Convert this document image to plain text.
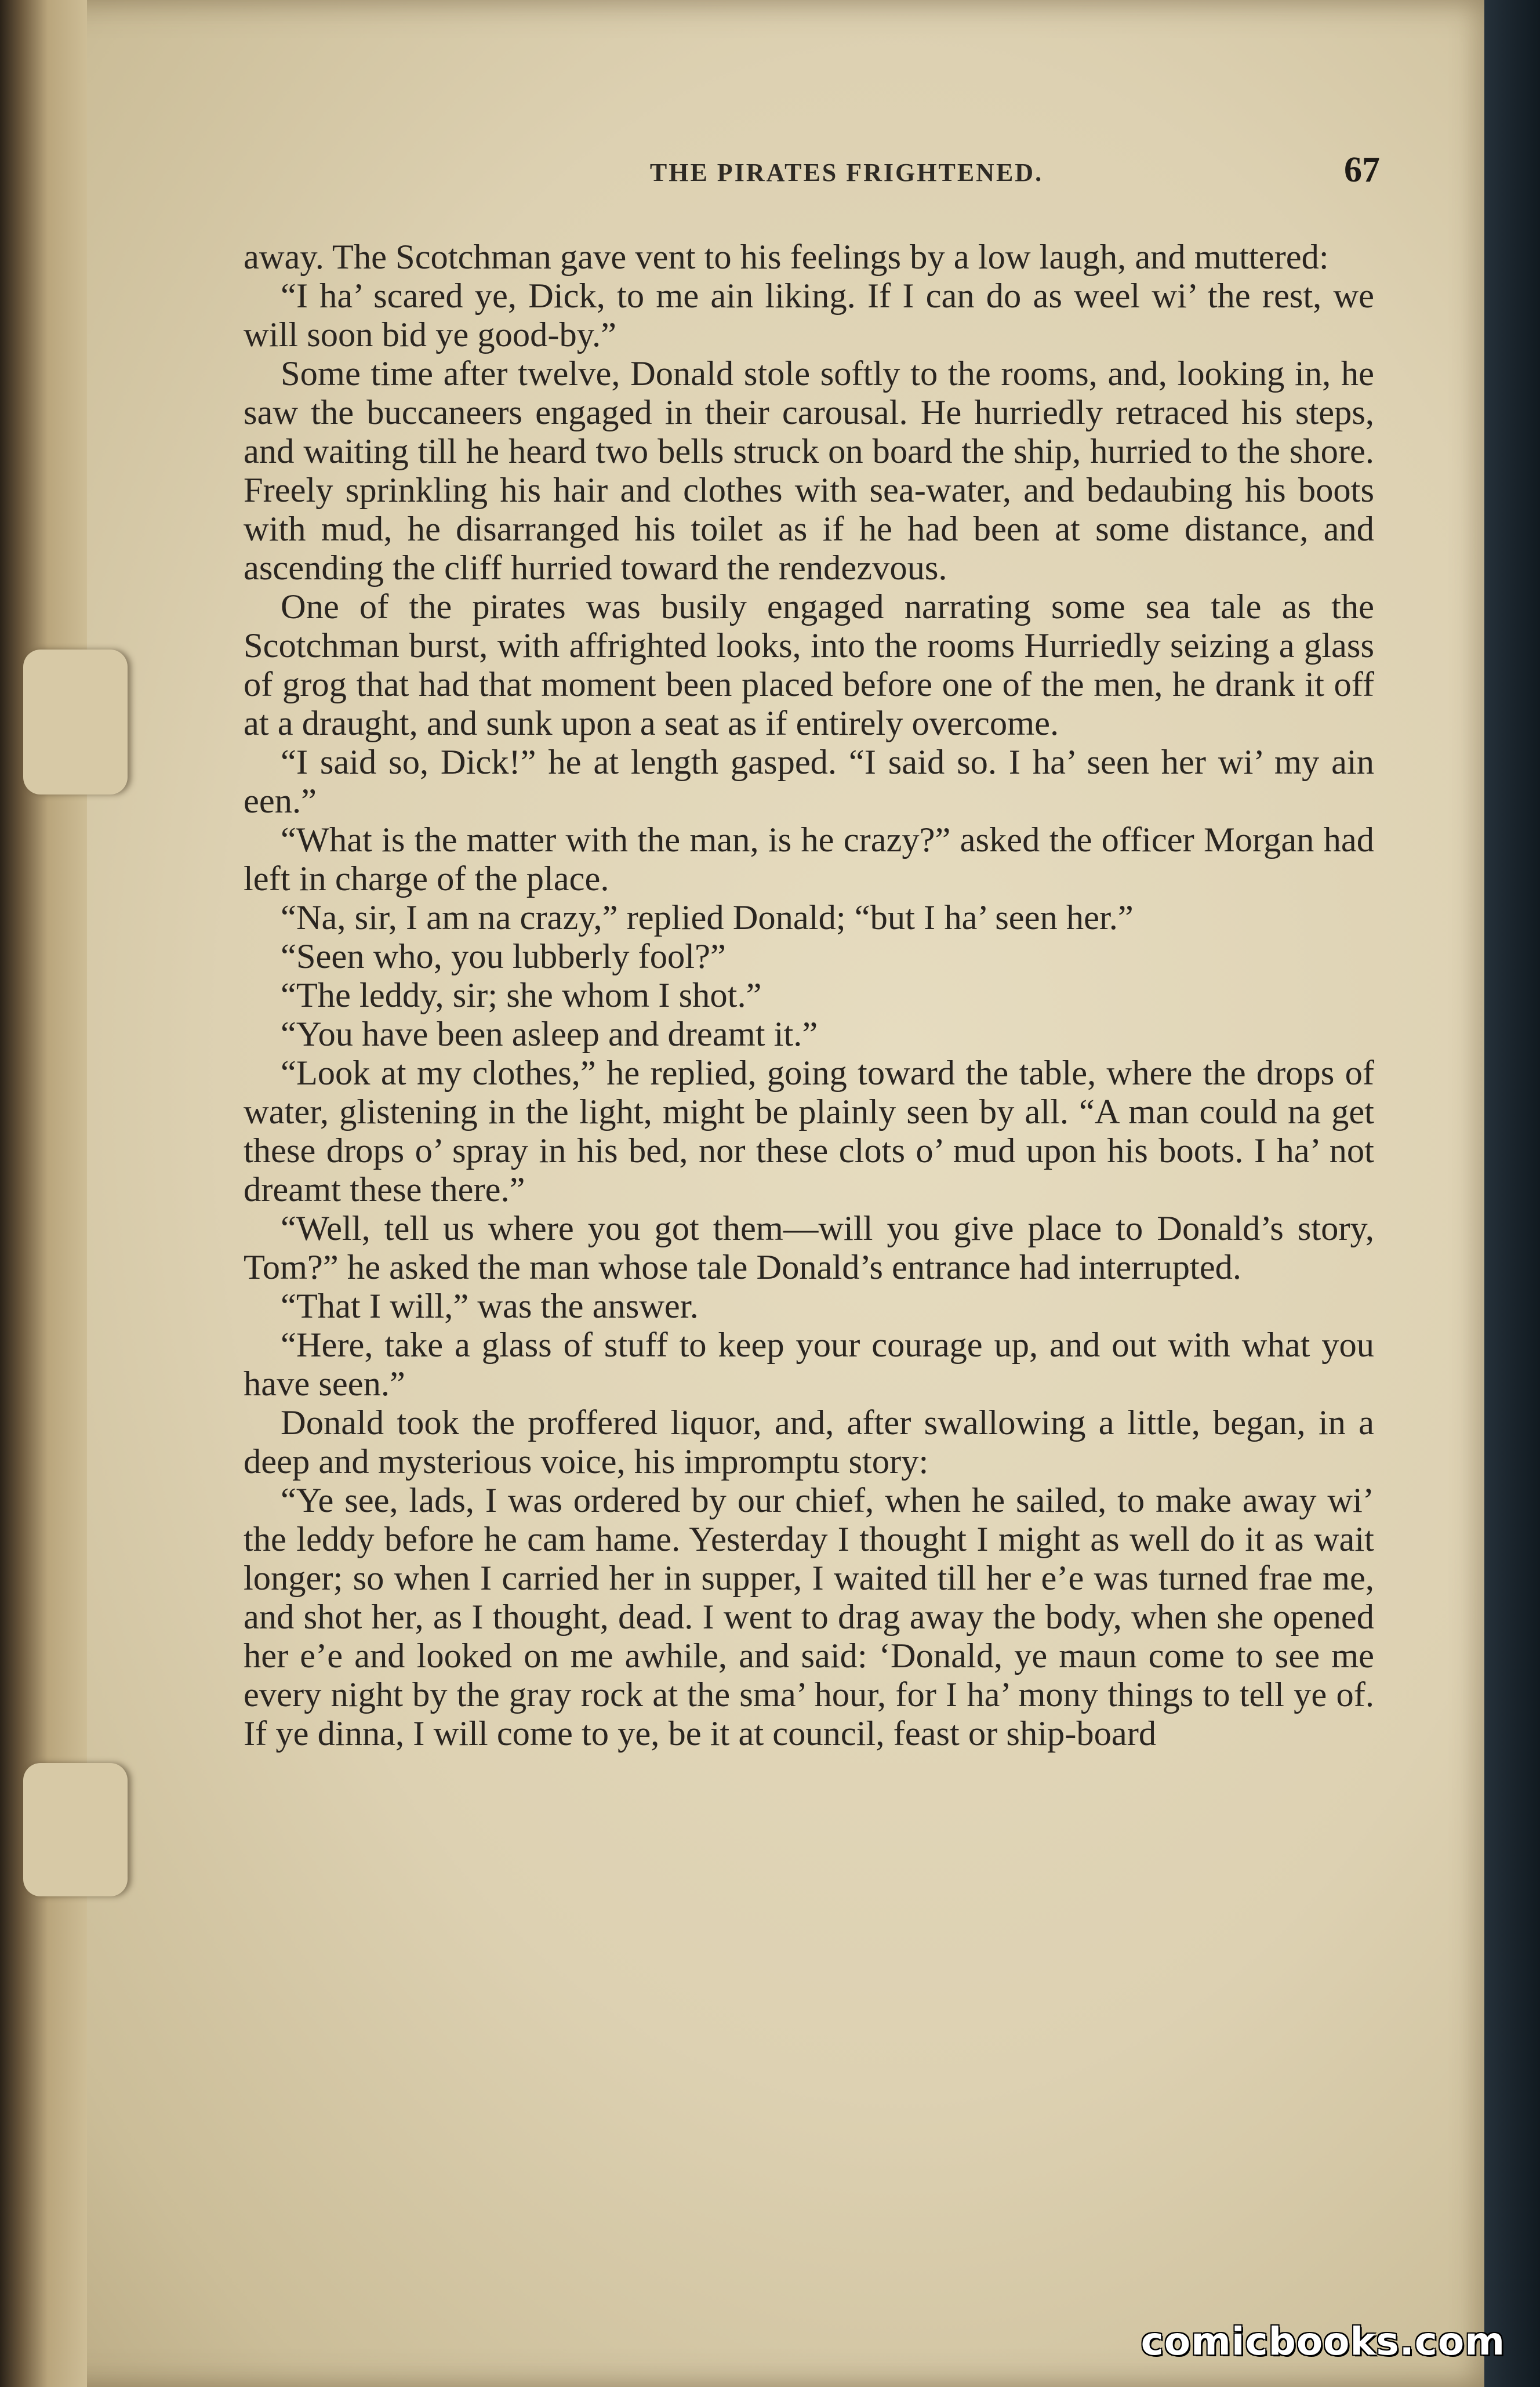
THE PIRATES FRIGHTENED.	67

away. The Scotchman gave vent to his feelings by a low laugh, and muttered:

“I ha’ scared ye, Dick, to me ain liking. If I can do as weel wi’ the rest, we will soon bid ye good-by.”

Some time after twelve, Donald stole softly to the rooms, and, looking in, he saw the buccaneers engaged in their carousal. He hurriedly retraced his steps, and waiting till he heard two bells struck on board the ship, hurried to the shore. Freely sprinkling his hair and clothes with sea-water, and bedaubing his boots with mud, he disarranged his toilet as if he had been at some distance, and ascending the cliff hurried toward the rendezvous.

One of the pirates was busily engaged narrating some sea tale as the Scotchman burst, with affrighted looks, into the rooms Hurriedly seizing a glass of grog that had that moment been placed before one of the men, he drank it off at a draught, and sunk upon a seat as if entirely overcome.

“I said so, Dick!” he at length gasped. “I said so. I ha’ seen her wi’ my ain een.”

“What is the matter with the man, is he crazy?” asked the officer Morgan had left in charge of the place.

“Na, sir, I am na crazy,” replied Donald; “but I ha’ seen her.”

“Seen who, you lubberly fool?”

“The leddy, sir; she whom I shot.”

“You have been asleep and dreamt it.”

“Look at my clothes,” he replied, going toward the table, where the drops of water, glistening in the light, might be plainly seen by all. “A man could na get these drops o’ spray in his bed, nor these clots o’ mud upon his boots. I ha’ not dreamt these there.”

“Well, tell us where you got them—will you give place to Donald’s story, Tom?” he asked the man whose tale Donald’s entrance had interrupted.

“That I will,” was the answer.

“Here, take a glass of stuff to keep your courage up, and out with what you have seen.”

Donald took the proffered liquor, and, after swallowing a little, began, in a deep and mysterious voice, his impromptu story:

“Ye see, lads, I was ordered by our chief, when he sailed, to make away wi’ the leddy before he cam hame. Yesterday I thought I might as well do it as wait longer; so when I carried her in supper, I waited till her e’e was turned frae me, and shot her, as I thought, dead. I went to drag away the body, when she opened her e’e and looked on me awhile, and said: ‘Donald, ye maun come to see me every night by the gray rock at the sma’ hour, for I ha’ mony things to tell ye of. If ye dinna, I will come to ye, be it at council, feast or ship-board

comicbooks.com
